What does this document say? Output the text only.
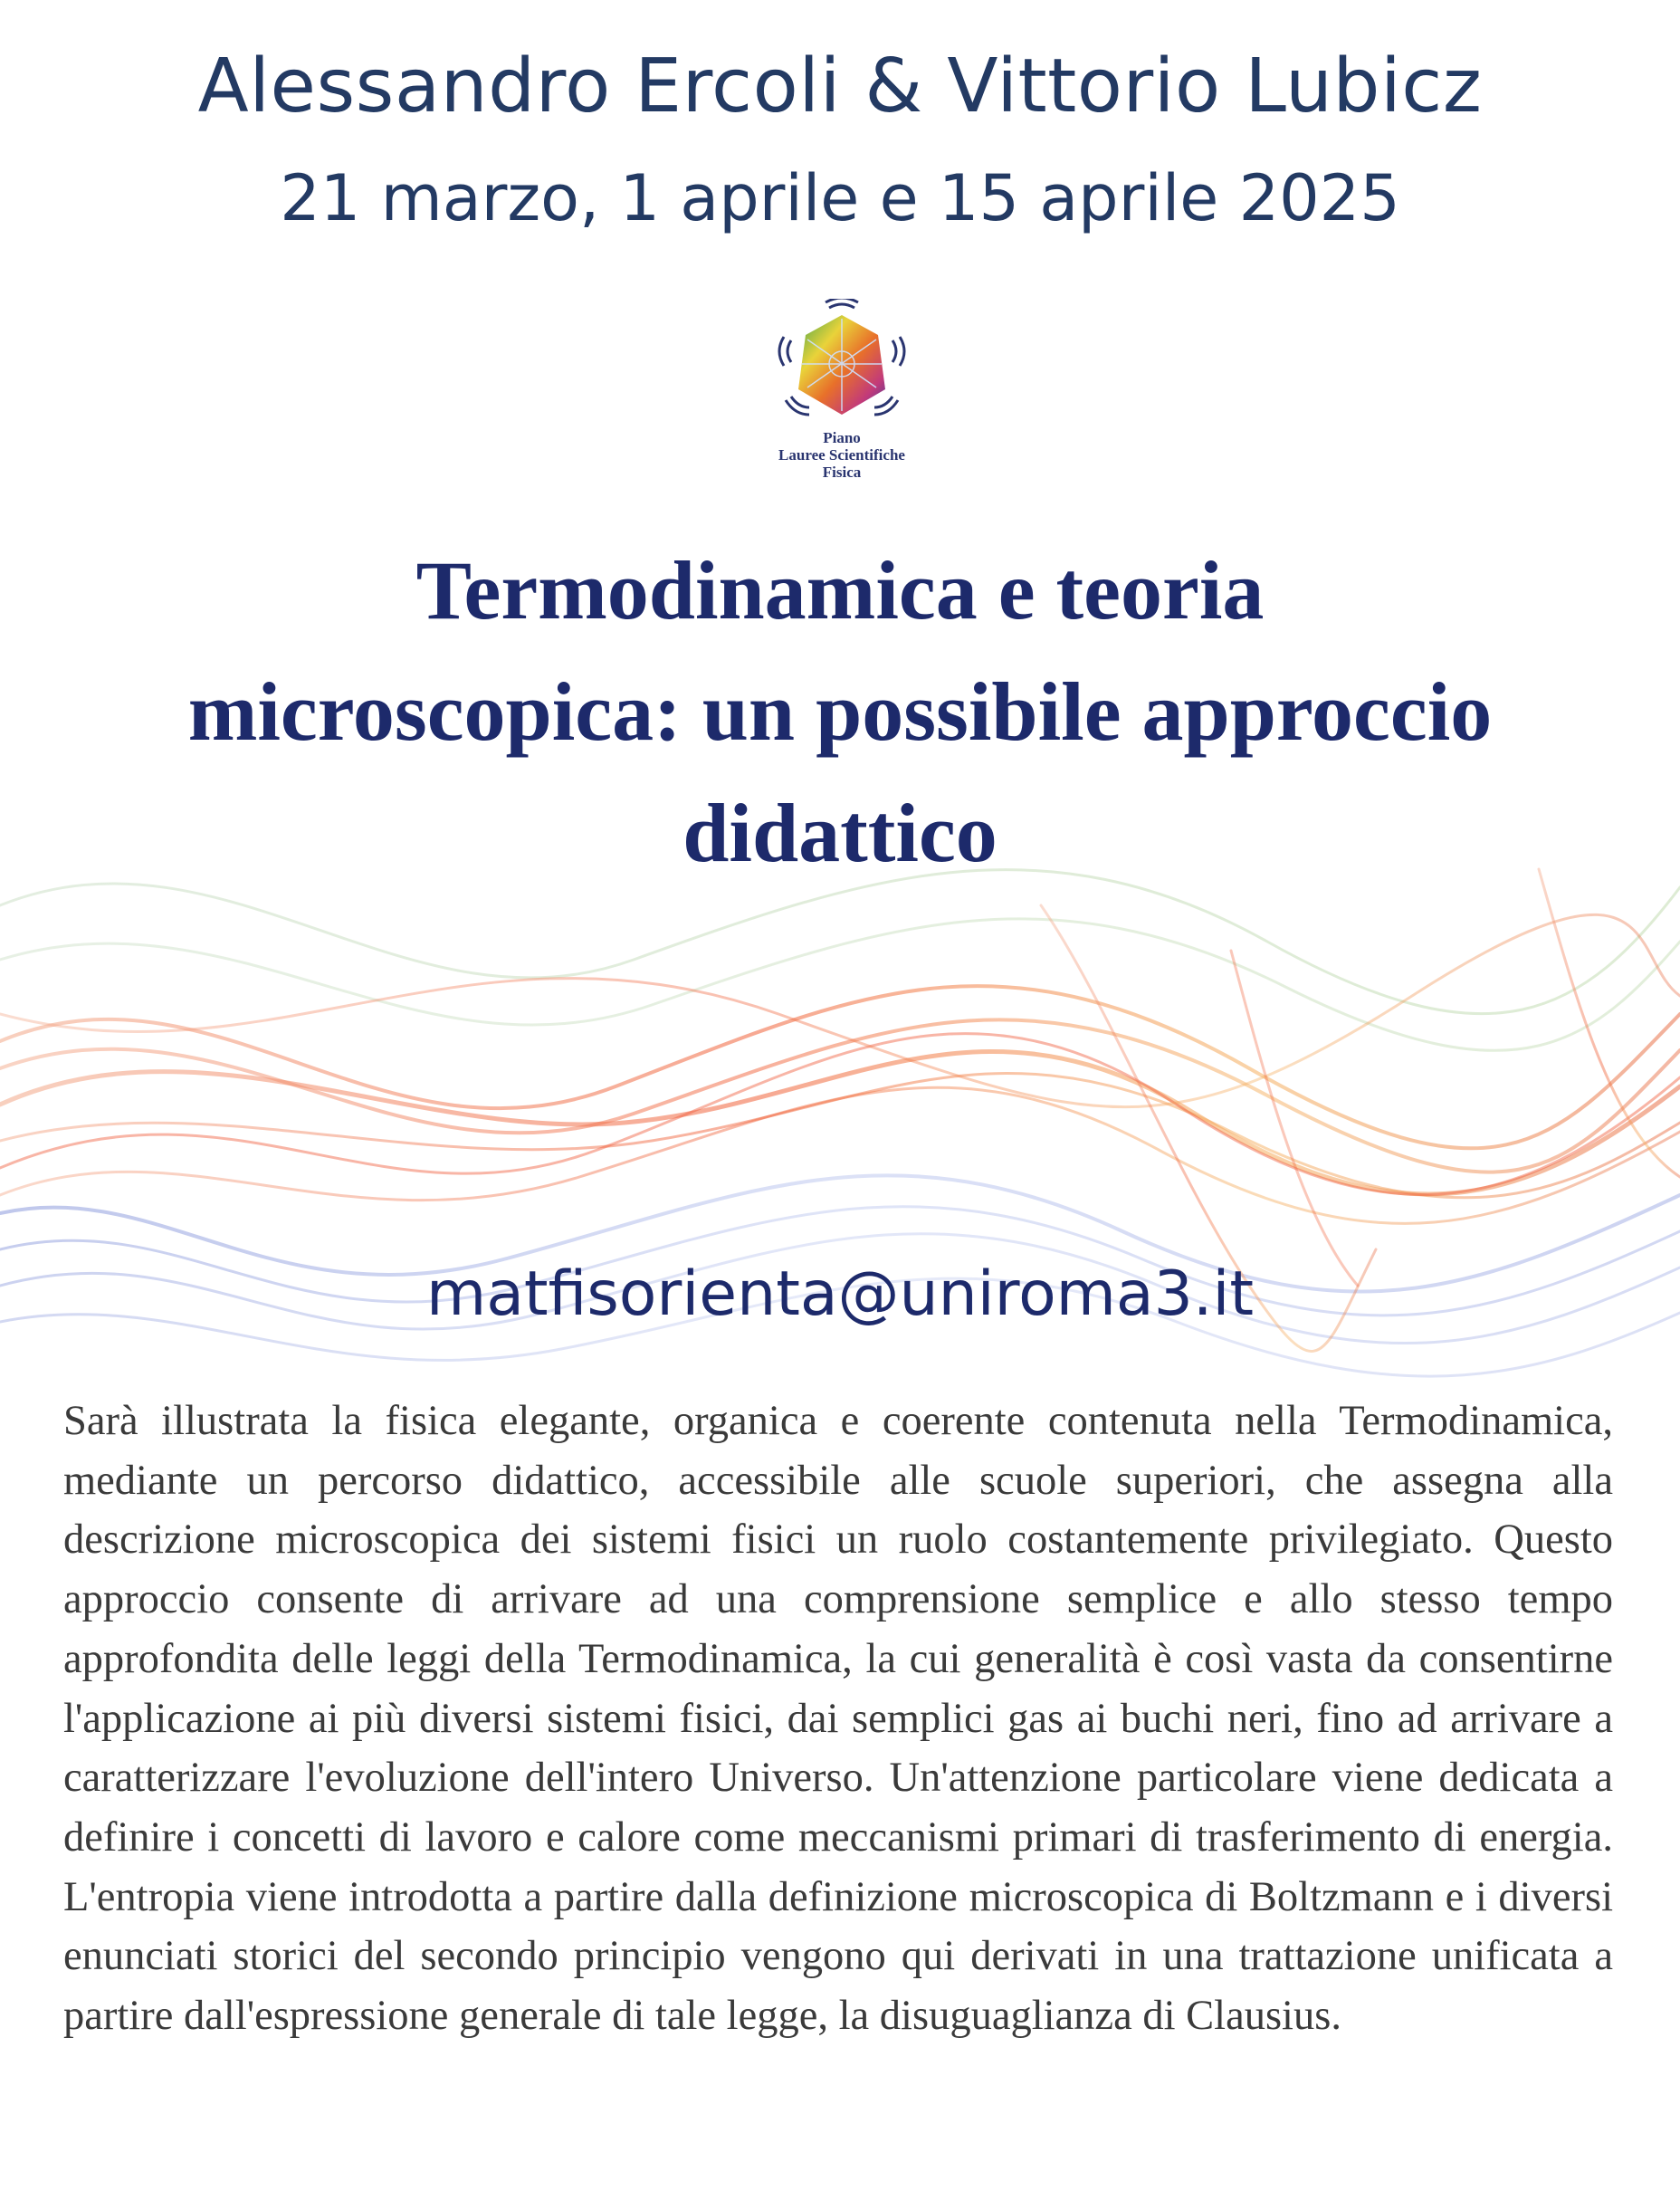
Alessandro Ercoli & Vittorio Lubicz
21 marzo, 1 aprile e 15 aprile 2025
Piano
Lauree Scientifiche
Fisica
Termodinamica e teoria
microscopica: un possibile approccio
didattico
matfisorienta@uniroma3.it
Sarà illustrata la fisica elegante, organica e coerente contenuta nella Termodinamica, mediante un percorso didattico, accessibile alle scuole superiori, che assegna alla descrizione microscopica dei sistemi fisici un ruolo costantemente privilegiato. Questo approccio consente di arrivare ad una comprensione semplice e allo stesso tempo approfondita delle leggi della Termodinamica, la cui generalità è così vasta da consentirne l'applicazione ai più diversi sistemi fisici, dai semplici gas ai buchi neri, fino ad arrivare a caratterizzare l'evoluzione dell'intero Universo. Un'attenzione particolare viene dedicata a definire i concetti di lavoro e calore come meccanismi primari di trasferimento di energia. L'entropia viene introdotta a partire dalla definizione microscopica di Boltzmann e i diversi enunciati storici del secondo principio vengono qui derivati in una trattazione unificata a partire dall'espressione generale di tale legge, la disuguaglianza di Clausius.
